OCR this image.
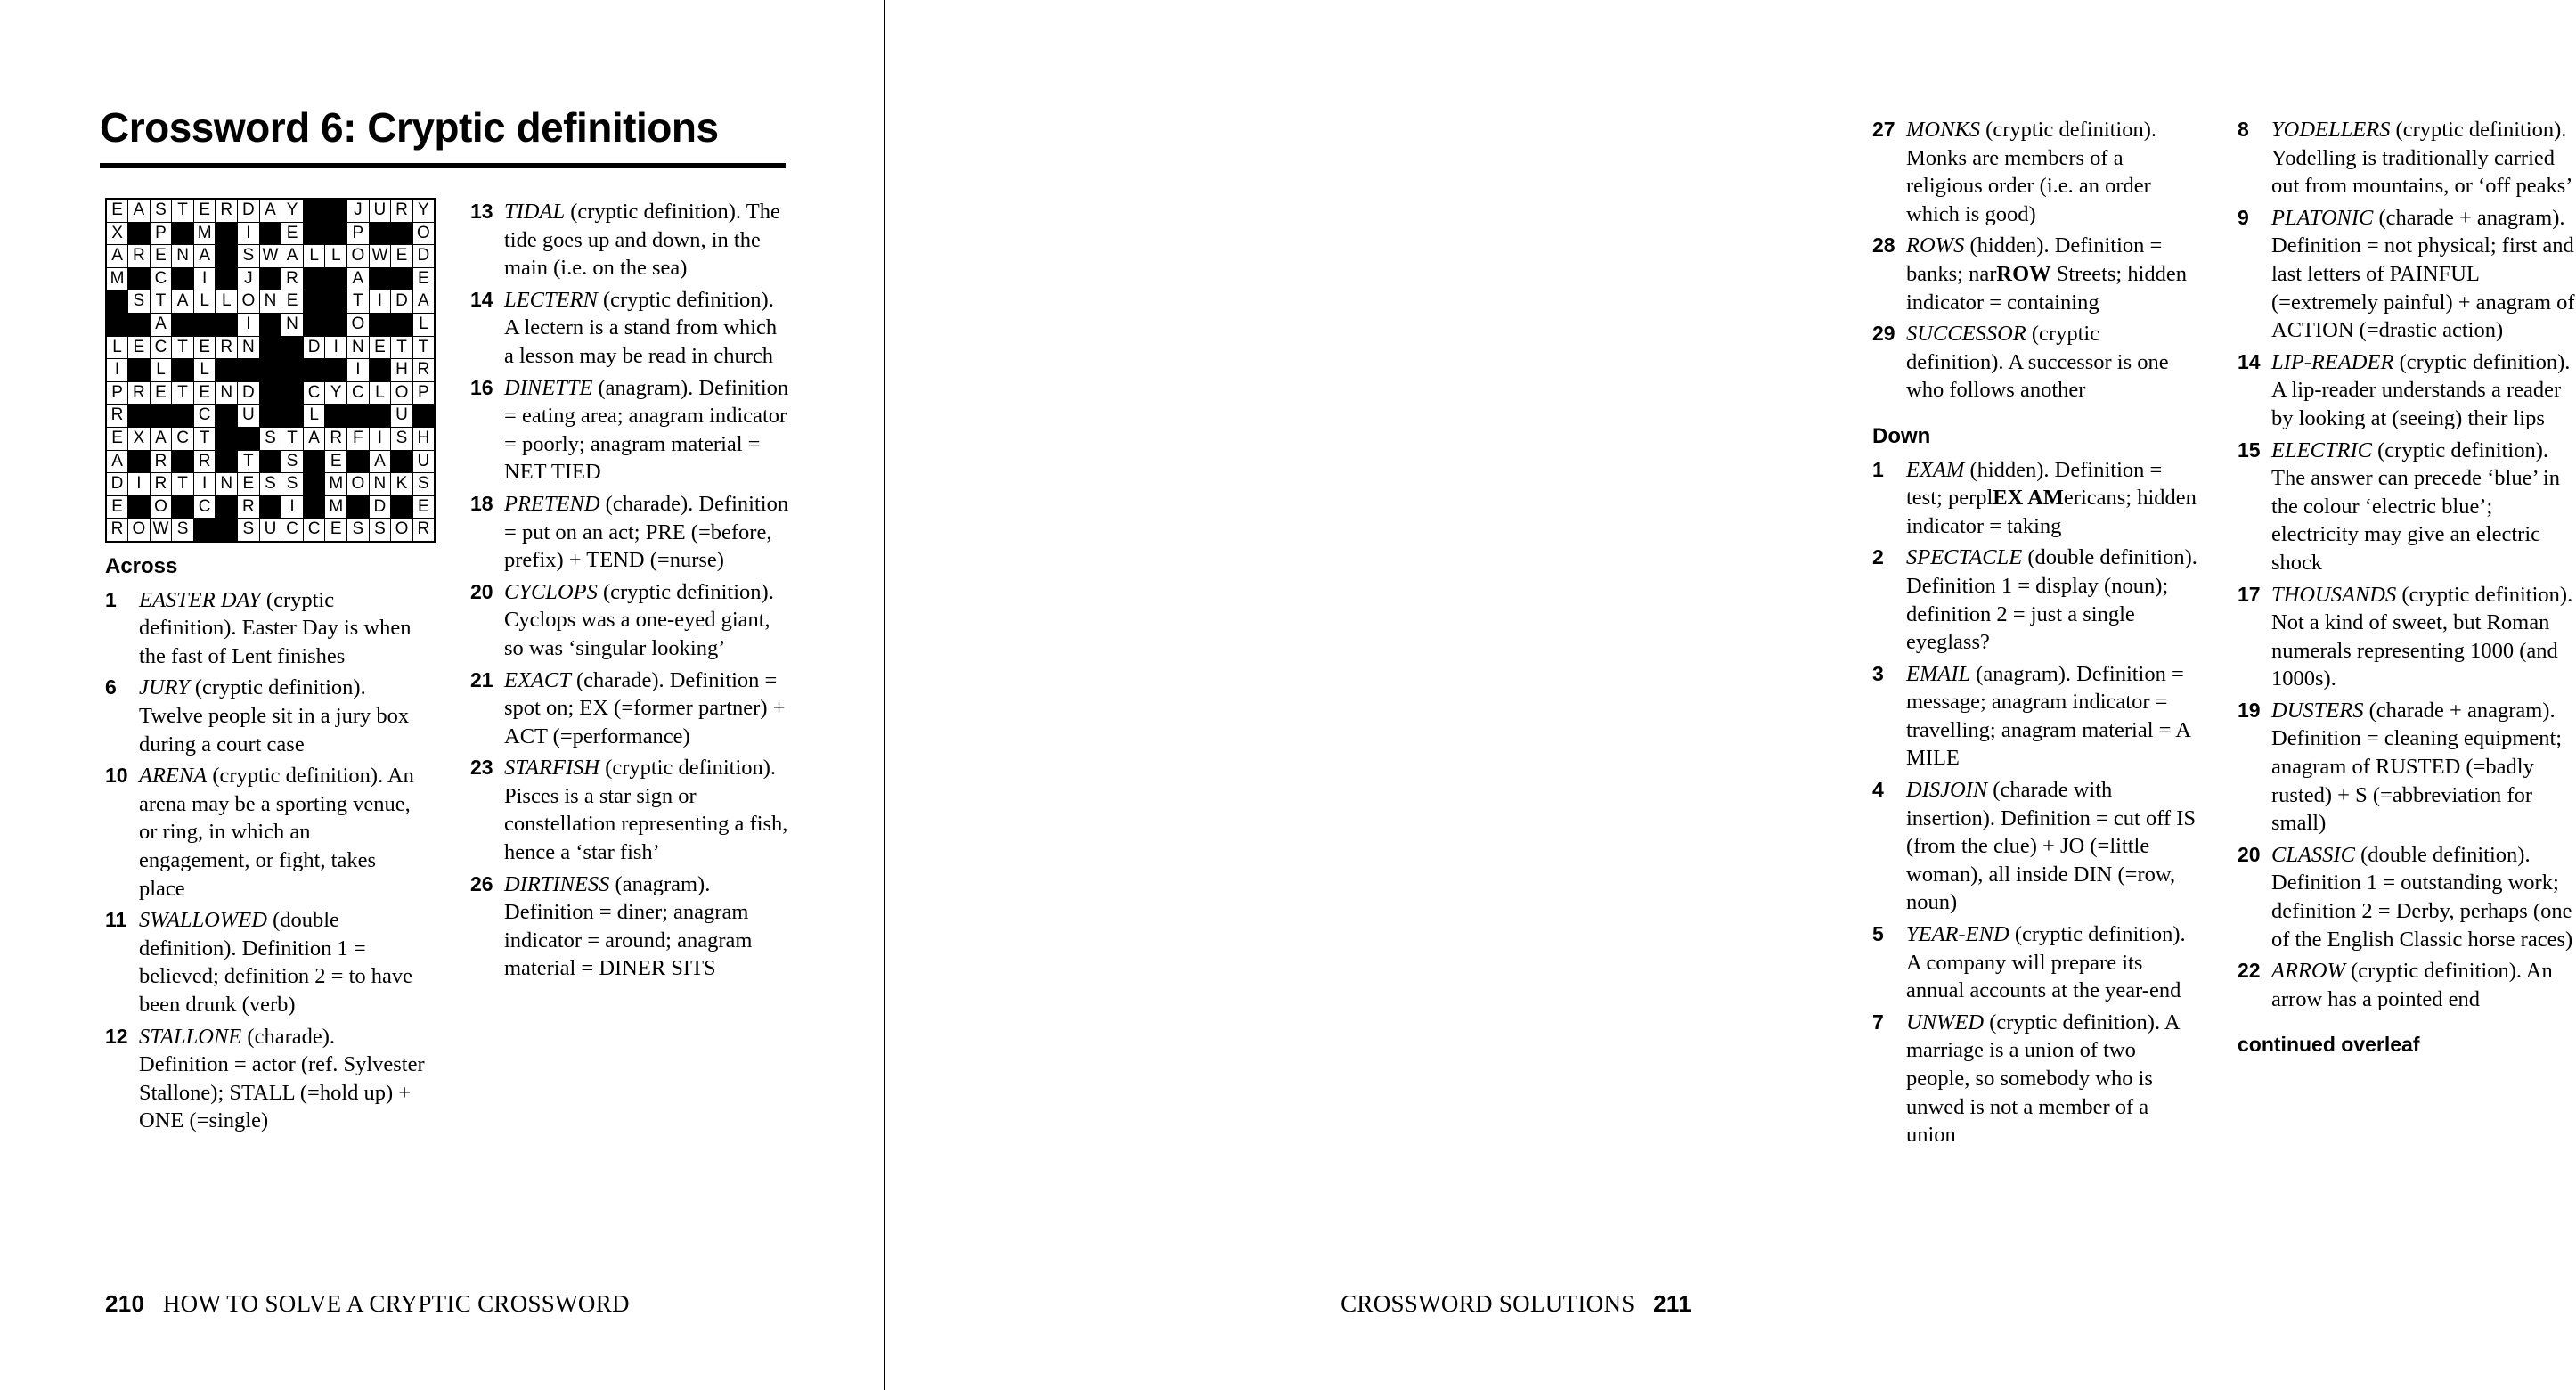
Crossword 6: Cryptic definitions
E	A	S	T	E	R	D	A	Y			J	U	R	Y
X		P		M		I		E			P			O
A	R	E	N	A		S	W	A	L	L	O	W	E	D
M		C		I		J		R			A			E
	S	T	A	L	L	O	N	E			T	I	D	A
		A				I		N			O			L
L	E	C	T	E	R	N			D	I	N	E	T	T
I		L		L							I		H	R
P	R	E	T	E	N	D			C	Y	C	L	O	P
R				C		U			L				U	
E	X	A	C	T			S	T	A	R	F	I	S	H
A		R		R		T		S		E		A		U
D	I	R	T	I	N	E	S	S		M	O	N	K	S
E		O		C		R		I		M		D		E
R	O	W	S			S	U	C	C	E	S	S	O	R
Across
1	EASTER DAY (cryptic definition). Easter Day is when the fast of Lent finishes
6	JURY (cryptic definition). Twelve people sit in a jury box during a court case
10 ARENA (cryptic definition). An arena may be a sporting venue, or ring, in which an engagement, or fight, takes place
11 SWALLOWED (double definition). Definition 1 = believed; definition 2 = to have been drunk (verb)
12 STALLONE (charade). Definition = actor (ref. Sylvester Stallone); STALL (=hold up) + ONE (=single)
13 TIDAL (cryptic definition). The tide goes up and down, in the main (i.e. on the sea)
14 LECTERN (cryptic definition). A lectern is a stand from which a lesson may be read in church
16 DINETTE (anagram). Definition = eating area; anagram indicator = poorly; anagram material = NET TIED
18 PRETEND (charade). Definition = put on an act; PRE (=before, prefix) + TEND (=nurse)
20 CYCLOPS (cryptic definition). Cyclops was a one-eyed giant, so was ‘singular looking’
21 EXACT (charade). Definition = spot on; EX (=former partner) + ACT (=performance)
23 STARFISH (cryptic definition). Pisces is a star sign or constellation representing a fish, hence a ‘star fish’
26 DIRTINESS (anagram). Definition = diner; anagram indicator = around; anagram material = DINER SITS
210 HOW TO SOLVE A CRYPTIC CROSSWORD
27 MONKS (cryptic definition). Monks are members of a religious order (i.e. an order which is good)
28 ROWS (hidden). Definition = banks; narROW Streets; hidden indicator = containing
29 SUCCESSOR (cryptic definition). A successor is one who follows another
Down
1	EXAM (hidden). Definition = test; perplEX AMericans; hidden indicator = taking
2	SPECTACLE (double definition). Definition 1 = display (noun); definition 2 = just a single eyeglass?
3	EMAIL (anagram). Definition = message; anagram indicator = travelling; anagram material = A MILE
4	DISJOIN (charade with insertion). Definition = cut off IS (from the clue) + JO (=little woman), all inside DIN (=row, noun)
5	YEAR-END (cryptic definition). A company will prepare its annual accounts at the year-end
7	UNWED (cryptic definition). A marriage is a union of two people, so somebody who is unwed is not a member of a union
8	YODELLERS (cryptic definition). Yodelling is traditionally carried out from mountains, or ‘off peaks’
9	PLATONIC (charade + anagram). Definition = not physical; first and last letters of PAINFUL (=extremely painful) + anagram of ACTION (=drastic action)
14 LIP-READER (cryptic definition). A lip-reader understands a reader by looking at (seeing) their lips
15 ELECTRIC (cryptic definition). The answer can precede ‘blue’ in the colour ‘electric blue’; electricity may give an electric shock
17 THOUSANDS (cryptic definition). Not a kind of sweet, but Roman numerals representing 1000 (and 1000s).
19 DUSTERS (charade + anagram). Definition = cleaning equipment; anagram of RUSTED (=badly rusted) + S (=abbreviation for small)
20 CLASSIC (double definition). Definition 1 = outstanding work; definition 2 = Derby, perhaps (one of the English Classic horse races)
22 ARROW (cryptic definition). An arrow has a pointed end
continued overleaf
CROSSWORD SOLUTIONS 211
